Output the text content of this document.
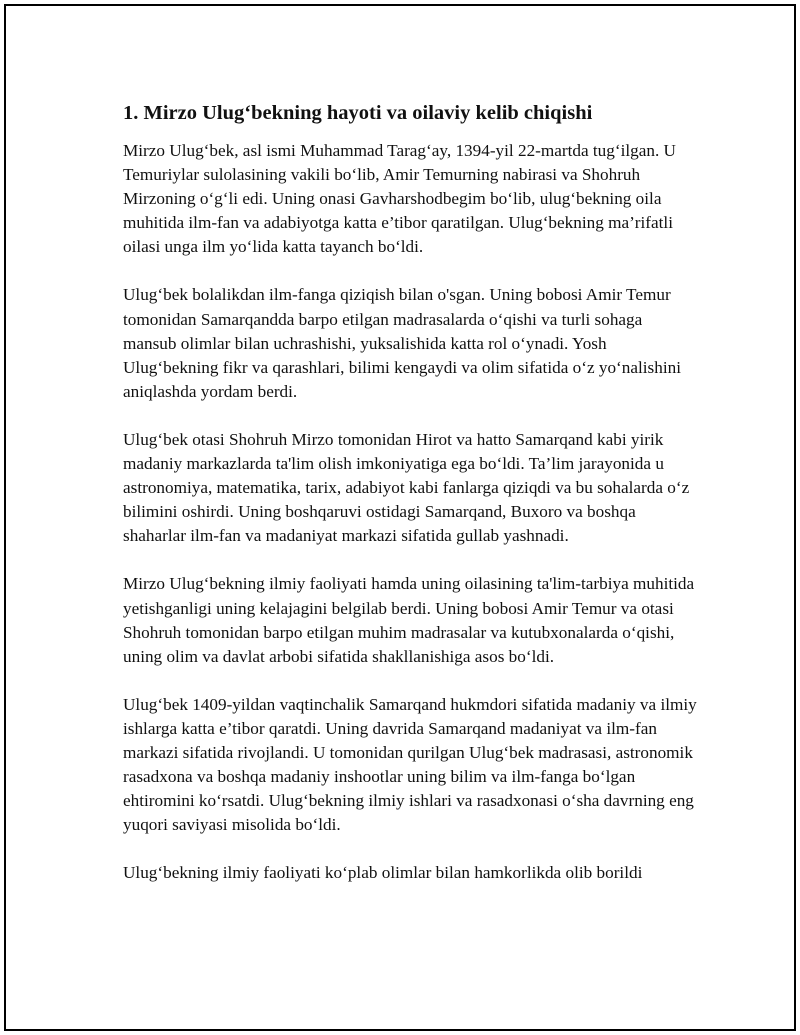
1. Mirzo Ulug‘bekning hayoti va oilaviy kelib chiqishi

Mirzo Ulug‘bek, asl ismi Muhammad Tarag‘ay, 1394-yil 22-martda tug‘ilgan. U Temuriylar sulolasining vakili bo‘lib, Amir Temurning nabirasi va Shohruh Mirzoning o‘g‘li edi. Uning onasi Gavharshodbegim bo‘lib, ulug‘bekning oila muhitida ilm-fan va adabiyotga katta e’tibor qaratilgan. Ulug‘bekning ma’rifatli oilasi unga ilm yo‘lida katta tayanch bo‘ldi.

Ulug‘bek bolalikdan ilm-fanga qiziqish bilan o'sgan. Uning bobosi Amir Temur tomonidan Samarqandda barpo etilgan madrasalarda o‘qishi va turli sohaga mansub olimlar bilan uchrashishi, yuksalishida katta rol o‘ynadi. Yosh Ulug‘bekning fikr va qarashlari, bilimi kengaydi va olim sifatida o‘z yo‘nalishini aniqlashda yordam berdi.

Ulug‘bek otasi Shohruh Mirzo tomonidan Hirot va hatto Samarqand kabi yirik madaniy markazlarda ta'lim olish imkoniyatiga ega bo‘ldi. Ta’lim jarayonida u astronomiya, matematika, tarix, adabiyot kabi fanlarga qiziqdi va bu sohalarda o‘z bilimini oshirdi. Uning boshqaruvi ostidagi Samarqand, Buxoro va boshqa shaharlar ilm-fan va madaniyat markazi sifatida gullab yashnadi.

Mirzo Ulug‘bekning ilmiy faoliyati hamda uning oilasining ta'lim-tarbiya muhitida yetishganligi uning kelajagini belgilab berdi. Uning bobosi Amir Temur va otasi Shohruh tomonidan barpo etilgan muhim madrasalar va kutubxonalarda o‘qishi, uning olim va davlat arbobi sifatida shakllanishiga asos bo‘ldi.

Ulug‘bek 1409-yildan vaqtinchalik Samarqand hukmdori sifatida madaniy va ilmiy ishlarga katta e’tibor qaratdi. Uning davrida Samarqand madaniyat va ilm-fan markazi sifatida rivojlandi. U tomonidan qurilgan Ulug‘bek madrasasi, astronomik rasadxona va boshqa madaniy inshootlar uning bilim va ilm-fanga bo‘lgan ehtiromini ko‘rsatdi. Ulug‘bekning ilmiy ishlari va rasadxonasi o‘sha davrning eng yuqori saviyasi misolida bo‘ldi.

Ulug‘bekning ilmiy faoliyati ko‘plab olimlar bilan hamkorlikda olib borildi
